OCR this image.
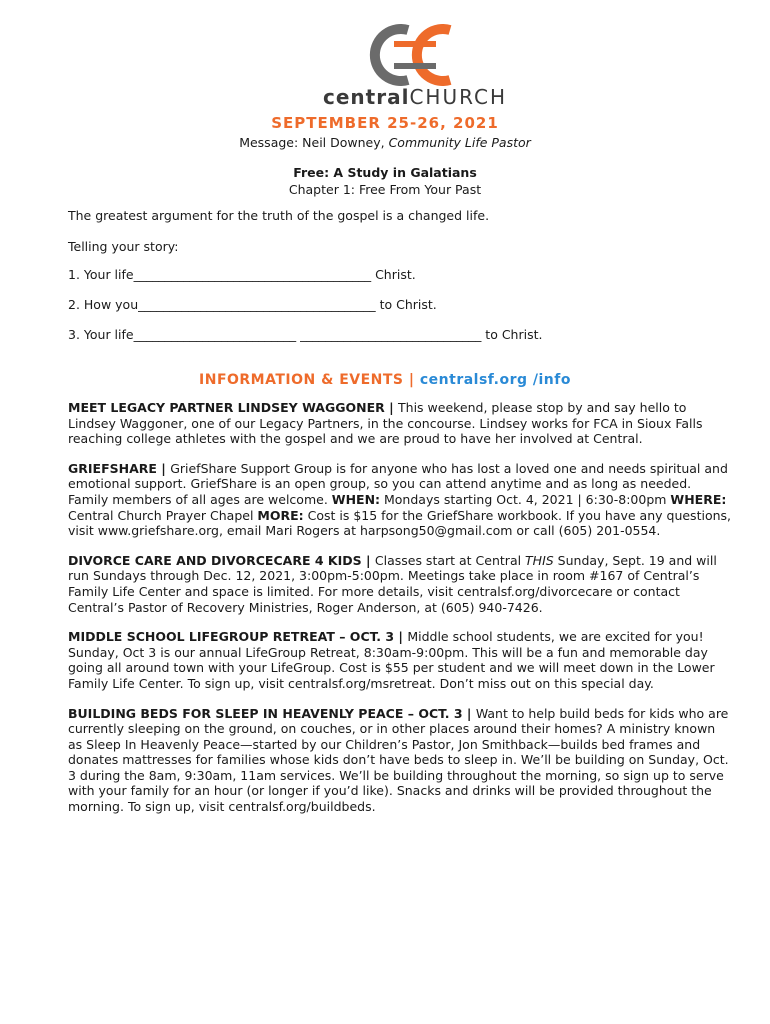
centralCHURCH
SEPTEMBER 25-26, 2021
Message: Neil Downey, Community Life Pastor
Free: A Study in Galatians
Chapter 1: Free From Your Past
The greatest argument for the truth of the gospel is a changed life.
Telling your story:
1. Your life______________________________________ Christ.
2. How you______________________________________ to Christ.
3. Your life__________________________ _____________________________ to Christ.
INFORMATION & EVENTS | centralsf.org /info

MEET LEGACY PARTNER LINDSEY WAGGONER | This weekend, please stop by and say hello to Lindsey Waggoner, one of our Legacy Partners, in the concourse. Lindsey works for FCA in Sioux Falls reaching college athletes with the gospel and we are proud to have her involved at Central.

GRIEFSHARE | GriefShare Support Group is for anyone who has lost a loved one and needs spiritual and emotional support. GriefShare is an open group, so you can attend anytime and as long as needed. Family members of all ages are welcome. WHEN: Mondays starting Oct. 4, 2021 | 6:30-8:00pm WHERE: Central Church Prayer Chapel MORE: Cost is $15 for the GriefShare workbook. If you have any questions, visit www.griefshare.org, email Mari Rogers at harpsong50@gmail.com or call (605) 201-0554.

DIVORCE CARE AND DIVORCECARE 4 KIDS | Classes start at Central THIS Sunday, Sept. 19 and will run Sundays through Dec. 12, 2021, 3:00pm-5:00pm. Meetings take place in room #167 of Central’s Family Life Center and space is limited. For more details, visit centralsf.org/divorcecare or contact Central’s Pastor of Recovery Ministries, Roger Anderson, at (605) 940-7426.

MIDDLE SCHOOL LIFEGROUP RETREAT – OCT. 3 | Middle school students, we are excited for you! Sunday, Oct 3 is our annual LifeGroup Retreat, 8:30am-9:00pm. This will be a fun and memorable day going all around town with your LifeGroup. Cost is $55 per student and we will meet down in the Lower Family Life Center. To sign up, visit centralsf.org/msretreat. Don’t miss out on this special day.

BUILDING BEDS FOR SLEEP IN HEAVENLY PEACE – OCT. 3 | Want to help build beds for kids who are currently sleeping on the ground, on couches, or in other places around their homes? A ministry known as Sleep In Heavenly Peace—started by our Children’s Pastor, Jon Smithback—builds bed frames and donates mattresses for families whose kids don’t have beds to sleep in. We’ll be building on Sunday, Oct. 3 during the 8am, 9:30am, 11am services. We’ll be building throughout the morning, so sign up to serve with your family for an hour (or longer if you’d like). Snacks and drinks will be provided throughout the morning. To sign up, visit centralsf.org/buildbeds.
